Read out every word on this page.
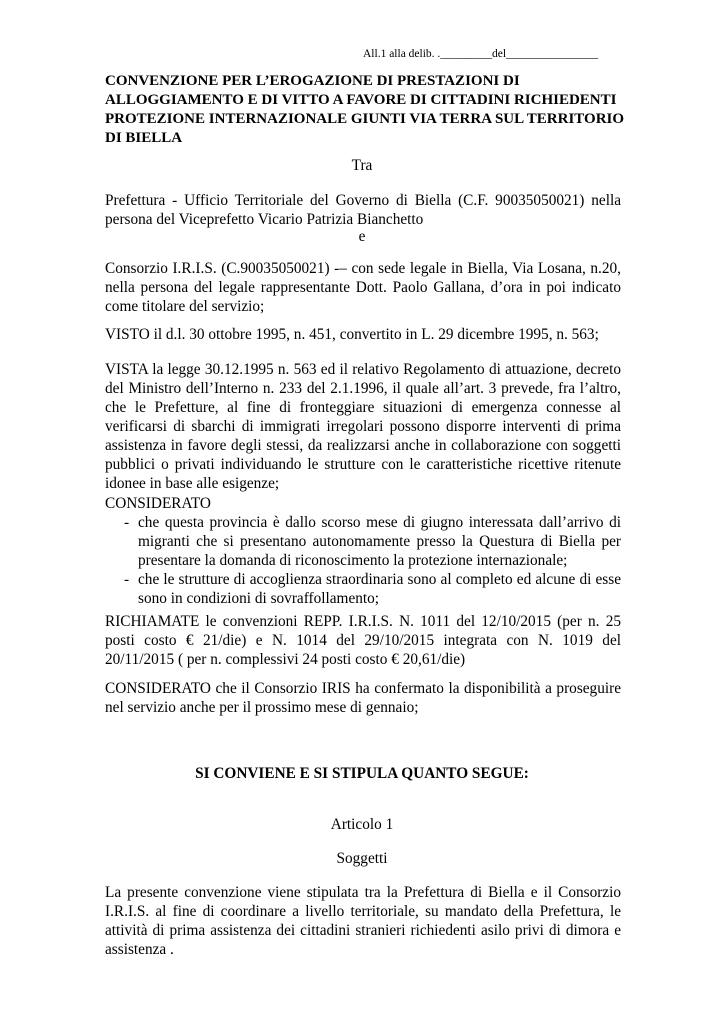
All.1 alla delib. ._________del________________

CONVENZIONE PER L’EROGAZIONE DI PRESTAZIONI DI ALLOGGIAMENTO E DI VITTO A FAVORE DI CITTADINI RICHIEDENTI PROTEZIONE INTERNAZIONALE GIUNTI VIA TERRA SUL TERRITORIO DI BIELLA

Tra

Prefettura - Ufficio Territoriale del Governo di Biella (C.F. 90035050021) nella persona del Viceprefetto Vicario Patrizia Bianchetto

e

Consorzio I.R.I.S. (C.90035050021) -– con sede legale in Biella, Via Losana, n.20, nella persona del legale rappresentante Dott. Paolo Gallana, d’ora in poi indicato come titolare del servizio;

VISTO il d.l. 30 ottobre 1995, n. 451, convertito in L. 29 dicembre 1995, n. 563;

VISTA la legge 30.12.1995 n. 563 ed il relativo Regolamento di attuazione, decreto del Ministro dell’Interno n. 233 del 2.1.1996, il quale all’art. 3 prevede, fra l’altro, che le Prefetture, al fine di fronteggiare situazioni di emergenza connesse al verificarsi di sbarchi di immigrati irregolari possono disporre interventi di prima assistenza in favore degli stessi, da realizzarsi anche in collaborazione con soggetti pubblici o privati individuando le strutture con le caratteristiche ricettive ritenute idonee in base alle esigenze;

CONSIDERATO

- che questa provincia è dallo scorso mese di giugno interessata dall’arrivo di migranti che si presentano autonomamente presso la Questura di Biella per presentare la domanda di riconoscimento la protezione internazionale;
- che le strutture di accoglienza straordinaria sono al completo ed alcune di esse sono in condizioni di sovraffollamento;

RICHIAMATE le convenzioni REPP. I.R.I.S. N. 1011 del 12/10/2015 (per n. 25 posti costo € 21/die) e N. 1014 del 29/10/2015 integrata con N. 1019 del 20/11/2015 ( per n. complessivi 24 posti costo € 20,61/die)

CONSIDERATO che il Consorzio IRIS ha confermato la disponibilità a proseguire nel servizio anche per il prossimo mese di gennaio;

SI CONVIENE E SI STIPULA QUANTO SEGUE:

Articolo 1

Soggetti

La presente convenzione viene stipulata tra la Prefettura di Biella e il Consorzio I.R.I.S. al fine di coordinare a livello territoriale, su mandato della Prefettura, le attività di prima assistenza dei cittadini stranieri richiedenti asilo privi di dimora e assistenza .
